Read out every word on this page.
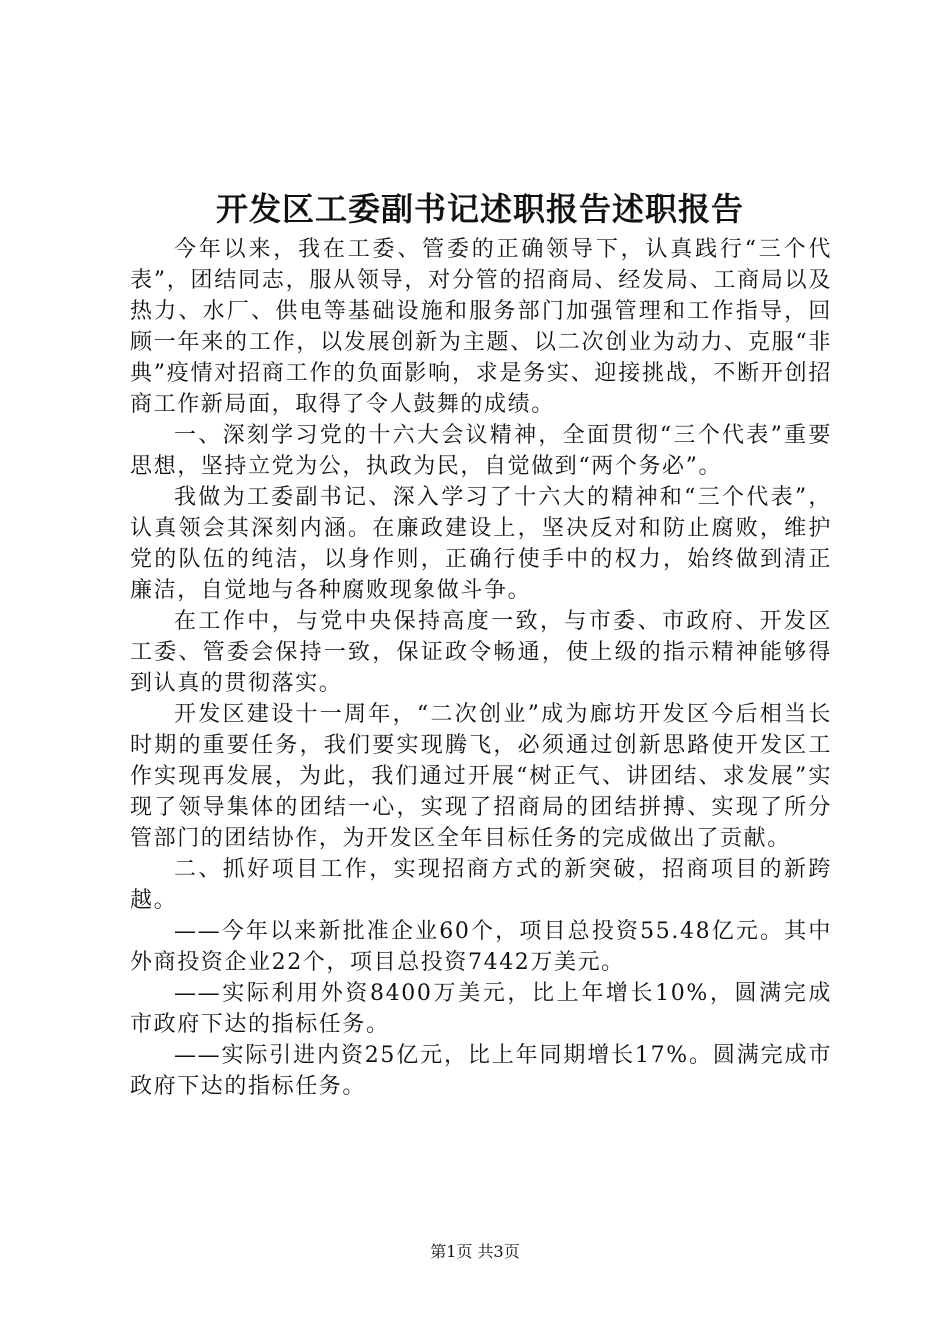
开发区工委副书记述职报告述职报告

今年以来，我在工委、管委的正确领导下，认真践行“三个代表”，团结同志，服从领导，对分管的招商局、经发局、工商局以及热力、水厂、供电等基础设施和服务部门加强管理和工作指导，回顾一年来的工作，以发展创新为主题、以二次创业为动力、克服“非典”疫情对招商工作的负面影响，求是务实、迎接挑战，不断开创招商工作新局面，取得了令人鼓舞的成绩。

一、深刻学习党的十六大会议精神，全面贯彻“三个代表”重要思想，坚持立党为公，执政为民，自觉做到“两个务必”。

我做为工委副书记、深入学习了十六大的精神和“三个代表”，认真领会其深刻内涵。在廉政建设上，坚决反对和防止腐败，维护党的队伍的纯洁，以身作则，正确行使手中的权力，始终做到清正廉洁，自觉地与各种腐败现象做斗争。

在工作中，与党中央保持高度一致，与市委、市政府、开发区工委、管委会保持一致，保证政令畅通，使上级的指示精神能够得到认真的贯彻落实。

开发区建设十一周年，“二次创业”成为廊坊开发区今后相当长时期的重要任务，我们要实现腾飞，必须通过创新思路使开发区工作实现再发展，为此，我们通过开展“树正气、讲团结、求发展”实现了领导集体的团结一心，实现了招商局的团结拼搏、实现了所分管部门的团结协作，为开发区全年目标任务的完成做出了贡献。

二、抓好项目工作，实现招商方式的新突破，招商项目的新跨越。

——今年以来新批准企业60个，项目总投资55.48亿元。其中外商投资企业22个，项目总投资7442万美元。

——实际利用外资8400万美元，比上年增长10%，圆满完成市政府下达的指标任务。

——实际引进内资25亿元，比上年同期增长17%。圆满完成市政府下达的指标任务。

第1页 共3页
